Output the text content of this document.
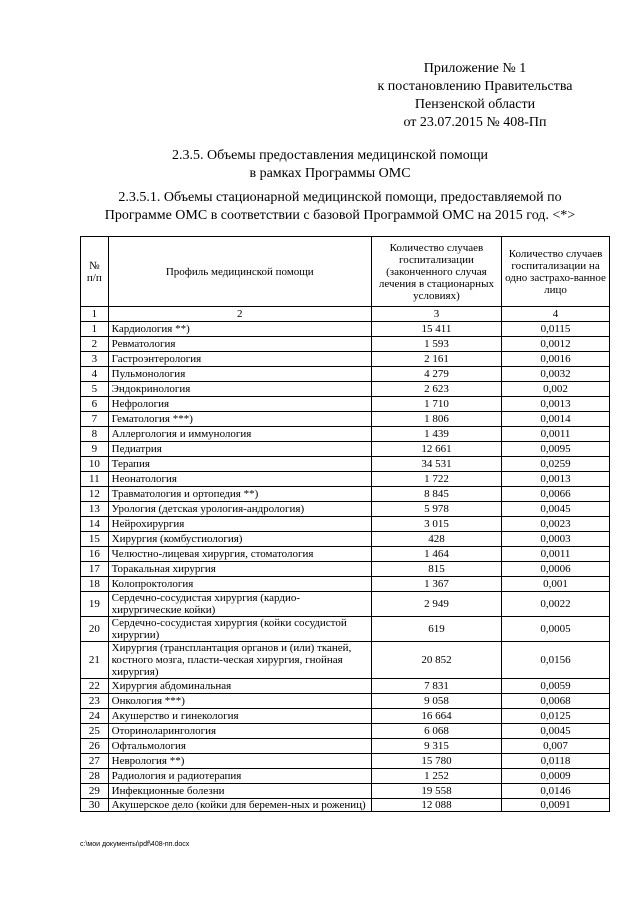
Приложение № 1
к постановлению Правительства
Пензенской области
от 23.07.2015 № 408-Пп
2.3.5. Объемы предоставления медицинской помощи
в рамках Программы ОМС
2.3.5.1. Объемы стационарной медицинской помощи, предоставляемой по
Программе ОМС в соответствии с базовой Программой ОМС на 2015 год. <*>
№ п/п	Профиль медицинской помощи	Количество случаев госпитализации (законченного случая лечения в стационарных условиях)	Количество случаев госпитализации на одно застрахо-ванное лицо
1	2	3	4
1	Кардиология **)	15 411	0,0115
2	Ревматология	1 593	0,0012
3	Гастроэнтерология	2 161	0,0016
4	Пульмонология	4 279	0,0032
5	Эндокринология	2 623	0,002
6	Нефрология	1 710	0,0013
7	Гематология ***)	1 806	0,0014
8	Аллергология и иммунология	1 439	0,0011
9	Педиатрия	12 661	0,0095
10	Терапия	34 531	0,0259
11	Неонатология	1 722	0,0013
12	Травматология и ортопедия **)	8 845	0,0066
13	Урология (детская урология-андрология)	5 978	0,0045
14	Нейрохирургия	3 015	0,0023
15	Хирургия (комбустиология)	428	0,0003
16	Челюстно-лицевая хирургия, стоматология	1 464	0,0011
17	Торакальная хирургия	815	0,0006
18	Колопроктология	1 367	0,001
19	Сердечно-сосудистая хирургия (кардио-хирургические койки)	2 949	0,0022
20	Сердечно-сосудистая хирургия (койки сосудистой хирургии)	619	0,0005
21	Хирургия (трансплантация органов и (или) тканей, костного мозга, пласти-ческая хирургия, гнойная хирургия)	20 852	0,0156
22	Хирургия абдоминальная	7 831	0,0059
23	Онкология ***)	9 058	0,0068
24	Акушерство и гинекология	16 664	0,0125
25	Оториноларингология	6 068	0,0045
26	Офтальмология	9 315	0,007
27	Неврология **)	15 780	0,0118
28	Радиология и радиотерапия	1 252	0,0009
29	Инфекционные болезни	19 558	0,0146
30	Акушерское дело (койки для беремен-ных и рожениц)	12 088	0,0091
c:\мои документы\pdf\408-пп.docx
